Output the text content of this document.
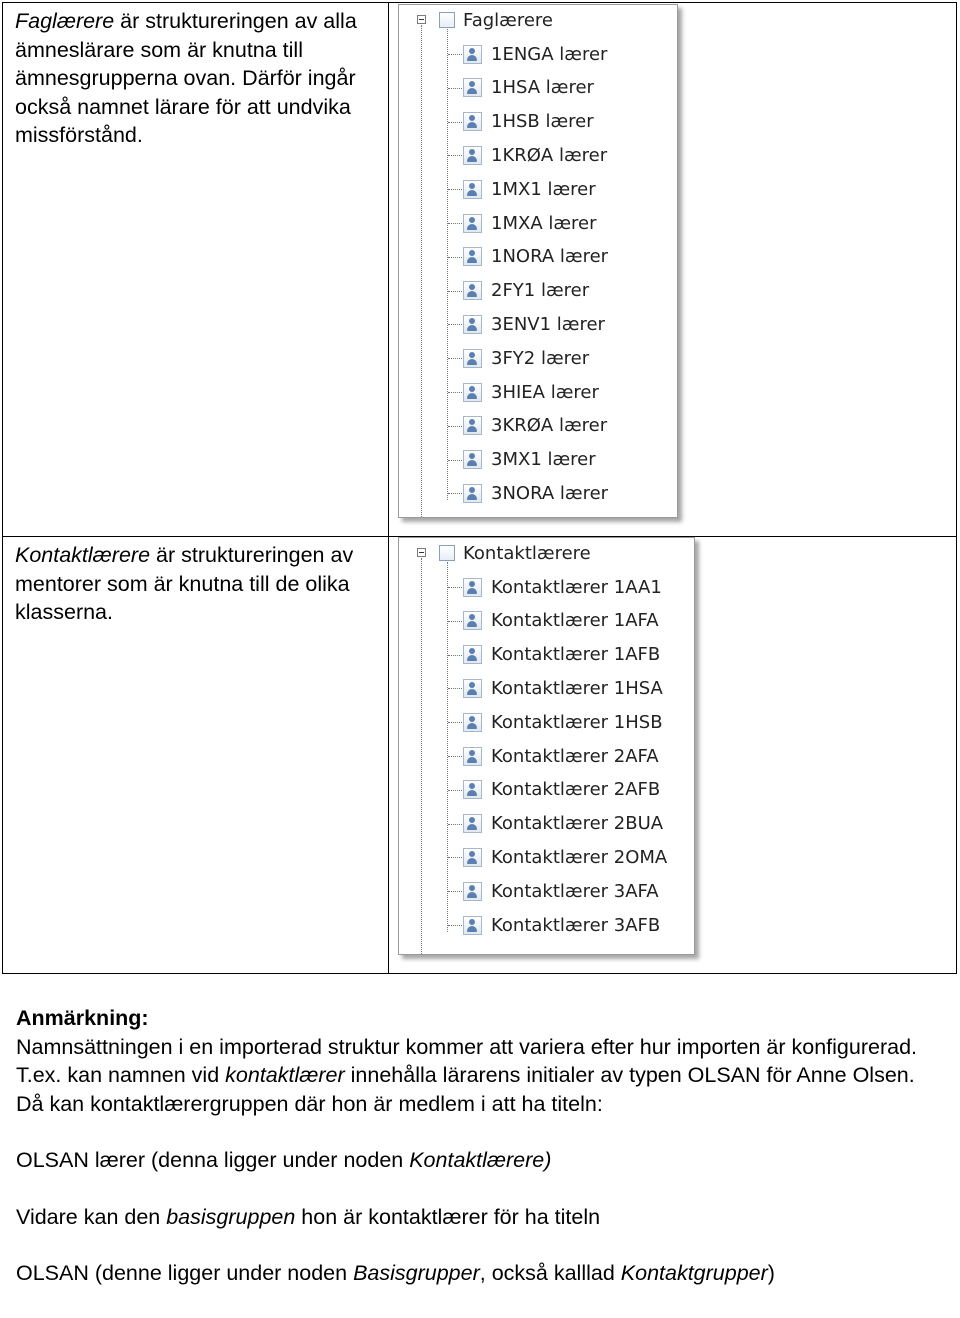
Faglærere är struktureringen av alla ämneslärare som är knutna till ämnesgrupperna ovan. Därför ingår också namnet lärare för att undvika missförstånd.
Kontaktlærere är struktureringen av mentorer som är knutna till de olika klasserna.
Faglærere
1ENGA lærer
1HSA lærer
1HSB lærer
1KRØA lærer
1MX1 lærer
1MXA lærer
1NORA lærer
2FY1 lærer
3ENV1 lærer
3FY2 lærer
3HIEA lærer
3KRØA lærer
3MX1 lærer
3NORA lærer
Kontaktlærere
Kontaktlærer 1AA1
Kontaktlærer 1AFA
Kontaktlærer 1AFB
Kontaktlærer 1HSA
Kontaktlærer 1HSB
Kontaktlærer 2AFA
Kontaktlærer 2AFB
Kontaktlærer 2BUA
Kontaktlærer 2OMA
Kontaktlærer 3AFA
Kontaktlærer 3AFB

Anmärkning:

Namnsättningen i en importerad struktur kommer att variera efter hur importen är konfigurerad. T.ex. kan namnen vid kontaktlærer innehålla lärarens initialer av typen OLSAN för Anne Olsen. Då kan kontaktlærergruppen där hon är medlem i att ha titeln:

OLSAN lærer (denna ligger under noden Kontaktlærere)

Vidare kan den basisgruppen hon är kontaktlærer för ha titeln

OLSAN (denne ligger under noden Basisgrupper, också kalllad Kontaktgrupper)
